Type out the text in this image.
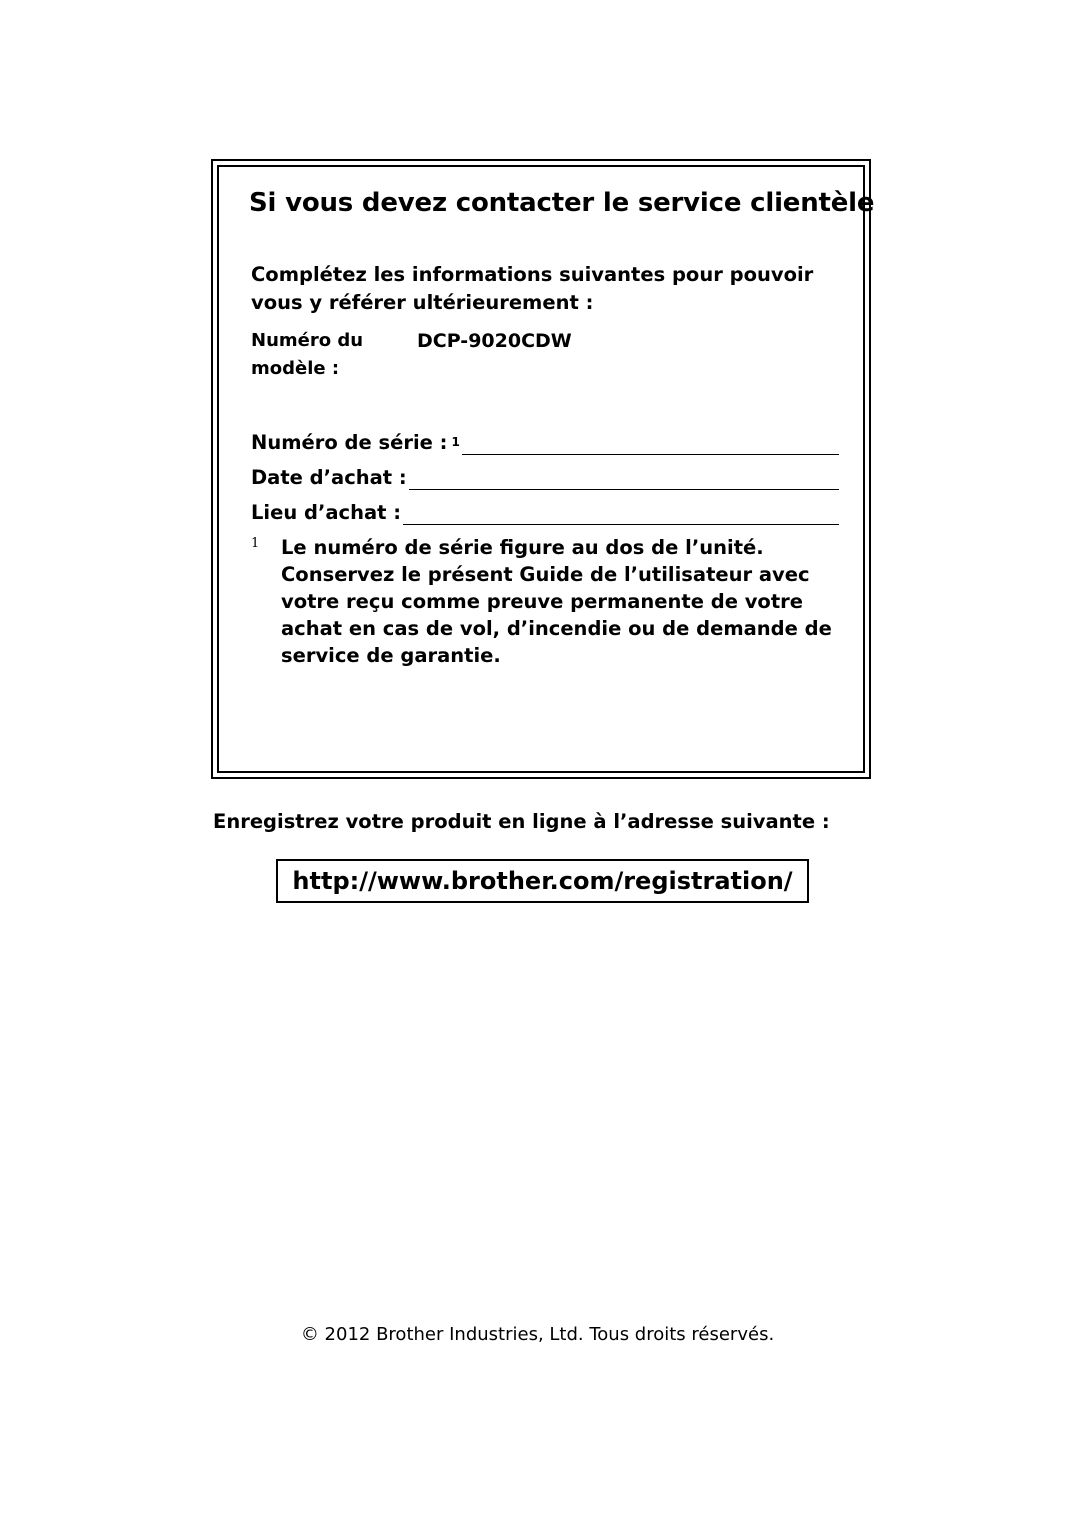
Si vous devez contacter le service clientèle
Complétez les informations suivantes pour pouvoir vous y référer ultérieurement :
Numéro du modèle :
DCP-9020CDW
Numéro de série : 1
Date d’achat :
Lieu d’achat :
1 Le numéro de série figure au dos de l’unité. Conservez le présent Guide de l’utilisateur avec votre reçu comme preuve permanente de votre achat en cas de vol, d’incendie ou de demande de service de garantie.
Enregistrez votre produit en ligne à l’adresse suivante :
http://www.brother.com/registration/
© 2012 Brother Industries, Ltd. Tous droits réservés.
